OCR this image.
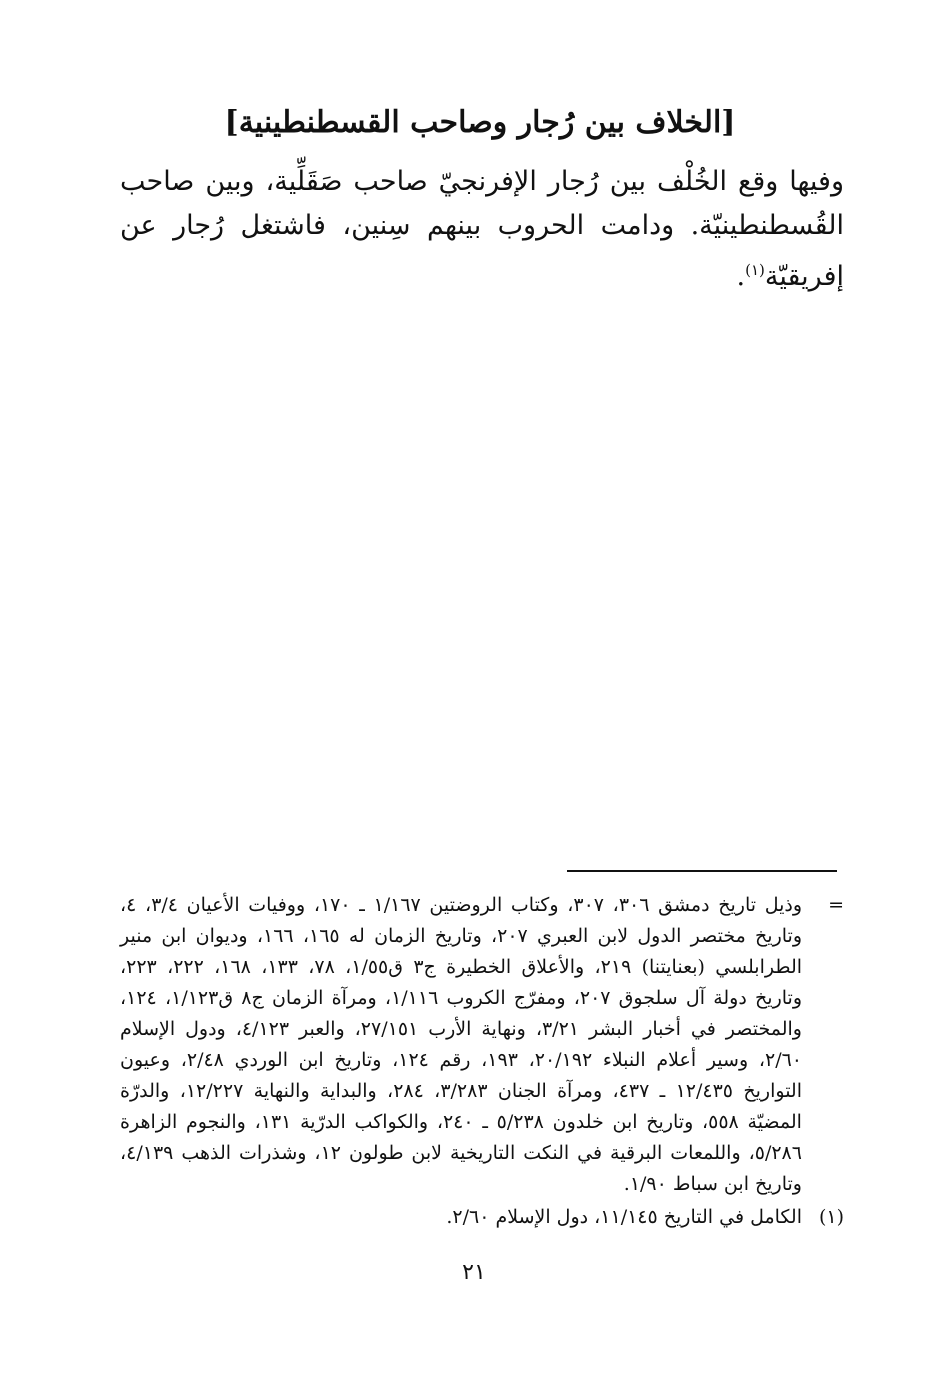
[الخلاف بين رُجار وصاحب القسطنطينية]
وفيها وقع الخُلْف بين رُجار الإفرنجيّ صاحب صَقَلِّية، وبين صاحب القُسطنطينيّة. ودامت الحروب بينهم سِنين، فاشتغل رُجار عن إفريقيّة$^{(١)}$.
=
وذيل تاريخ دمشق ٣٠٦، ٣٠٧، وكتاب الروضتين ١/١٦٧ ـ ١٧٠، ووفيات الأعيان ٣/٤، ٤، وتاريخ مختصر الدول لابن العبري ٢٠٧، وتاريخ الزمان له ١٦٥، ١٦٦، وديوان ابن منير الطرابلسي (بعنايتنا) ٢١٩، والأعلاق الخطيرة ج٣ ق١/٥٥، ٧٨، ١٣٣، ١٦٨، ٢٢٢، ٢٢٣، وتاريخ دولة آل سلجوق ٢٠٧، ومفرّج الكروب ١/١١٦، ومرآة الزمان ج٨ ق١/١٢٣، ١٢٤، والمختصر في أخبار البشر ٣/٢١، ونهاية الأرب ٢٧/١٥١، والعبر ٤/١٢٣، ودول الإسلام ٢/٦٠، وسير أعلام النبلاء ٢٠/١٩٢، ١٩٣، رقم ١٢٤، وتاريخ ابن الوردي ٢/٤٨، وعيون التواريخ ١٢/٤٣٥ ـ ٤٣٧، ومرآة الجنان ٣/٢٨٣، ٢٨٤، والبداية والنهاية ١٢/٢٢٧، والدرّة المضيّة ٥٥٨، وتاريخ ابن خلدون ٥/٢٣٨ ـ ٢٤٠، والكواكب الدرّية ١٣١، والنجوم الزاهرة ٥/٢٨٦، واللمعات البرقية في النكت التاريخية لابن طولون ١٢، وشذرات الذهب ٤/١٣٩، وتاريخ ابن سباط ١/٩٠.
(١)
الكامل في التاريخ ١١/١٤٥، دول الإسلام ٢/٦٠.
٢١
